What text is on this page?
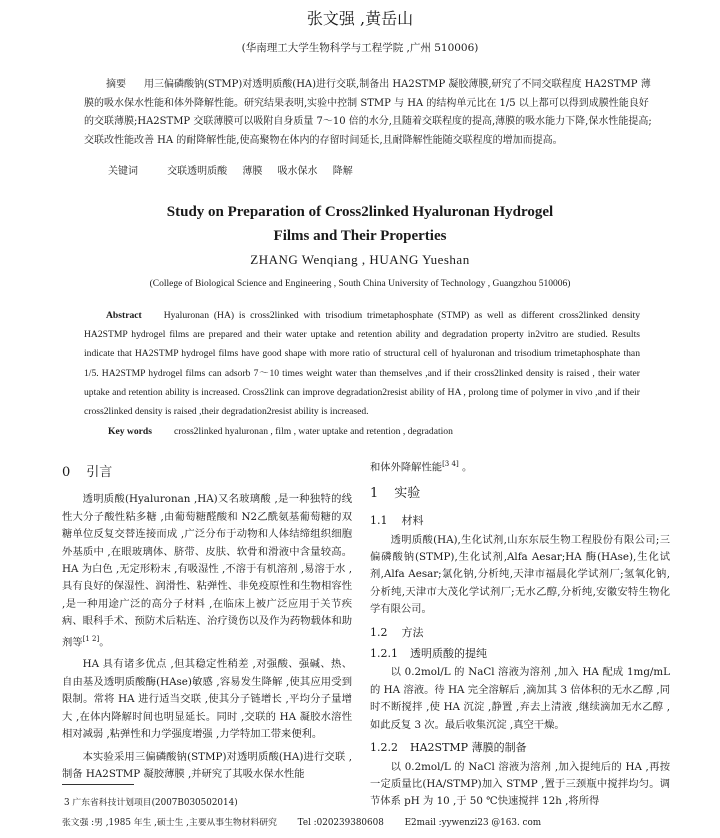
张文强 ,黄岳山
(华南理工大学生物科学与工程学院 ,广州 510006)
摘要 用三偏磷酸钠(STMP)对透明质酸(HA)进行交联,制备出 HA2STMP 凝胶薄膜,研究了不同交联程度 HA2STMP 薄膜的吸水保水性能和体外降解性能。研究结果表明,实验中控制 STMP 与 HA 的结构单元比在 1/5 以上都可以得到成膜性能良好的交联薄膜;HA2STMP 交联薄膜可以吸附自身质量 7～10 倍的水分,且随着交联程度的提高,薄膜的吸水能力下降,保水性能提高;交联改性能改善 HA 的耐降解性能,使高聚物在体内的存留时间延长,且耐降解性能随交联程度的增加而提高。
关键词	交联透明质酸 薄膜 吸水保水 降解
Study on Preparation of Cross2linked Hyaluronan Hydrogel
Films and Their Properties
ZHANG Wenqiang , HUANG Yueshan
(College of Biological Science and Engineering , South China University of Technology , Guangzhou 510006)
Abstract Hyaluronan (HA) is cross2linked with trisodium trimetaphosphate (STMP) as well as different cross2linked density HA2STMP hydrogel films are prepared and their water uptake and retention ability and degradation property in2vitro are studied. Results indicate that HA2STMP hydrogel films have good shape with more ratio of structural cell of hyaluronan and trisodium trimetaphosphate than 1/5. HA2STMP hydrogel films can adsorb 7～10 times weight water than themselves ,and if their cross2linked density is raised , their water uptake and retention ability is increased. Cross2link can improve degradation2resist ability of HA , prolong time of polymer in vivo ,and if their cross2linked density is raised ,their degradation2resist ability is increased.
Key words cross2linked hyaluronan , film , water uptake and retention , degradation
0 引言

透明质酸(Hyaluronan ,HA)又名玻璃酸 ,是一种独特的线性大分子酸性粘多糖 ,由葡萄糖醛酸和 N2乙酰氨基葡萄糖的双糖单位反复交替连接而成 ,广泛分布于动物和人体结缔组织细胞外基质中 ,在眼玻璃体、脐带、皮肤、软骨和滑液中含量较高。HA 为白色 ,无定形粉末 ,有吸湿性 ,不溶于有机溶剂 ,易溶于水 ,具有良好的保湿性、润滑性、粘弹性、非免疫原性和生物相容性 ,是一种用途广泛的高分子材料 ,在临床上被广泛应用于关节疾病、眼科手术、预防术后粘连、治疗烫伤以及作为药物载体和助剂等[1 2]。

HA 具有诸多优点 ,但其稳定性稍差 ,对强酸、强碱、热、自由基及透明质酸酶(HAse)敏感 ,容易发生降解 ,使其应用受到限制。常将 HA 进行适当交联 ,使其分子链增长 ,平均分子量增大 ,在体内降解时间也明显延长。同时 ,交联的 HA 凝胶水溶性相对减弱 ,粘弹性和力学强度增强 ,力学特加工带来便利。

本实验采用三偏磷酸钠(STMP)对透明质酸(HA)进行交联 ,制备 HA2STMP 凝胶薄膜 ,并研究了其吸水保水性能

和体外降解性能[3 4] 。

1 实验
1.1 材料

透明质酸(HA),生化试剂,山东东辰生物工程股份有限公司;三偏磷酸钠(STMP),生化试剂,Alfa Aesar;HA 酶(HAse),生化试剂,Alfa Aesar;氯化钠,分析纯,天津市福晨化学试剂厂;氢氧化钠,分析纯,天津市大茂化学试剂厂;无水乙醇,分析纯,安徽安特生物化学有限公司。

1.2 方法
1.2.1 透明质酸的提纯

以 0.2mol/L 的 NaCl 溶液为溶剂 ,加入 HA 配成 1mg/mL 的 HA 溶液。待 HA 完全溶解后 ,滴加其 3 倍体积的无水乙醇 ,同时不断搅拌 ,使 HA 沉淀 ,静置 ,弃去上清液 ,继续滴加无水乙醇 ,如此反复 3 次。最后收集沉淀 ,真空干燥。

1.2.2 HA2STMP 薄膜的制备

以 0.2mol/L 的 NaCl 溶液为溶剂 ,加入提纯后的 HA ,再按一定质量比(HA/STMP)加入 STMP ,置于三颈瓶中搅拌均匀。调节体系 pH 为 10 ,于 50 ℃快速搅拌 12h ,将所得

3 广东省科技计划项目(2007B030502014)
张文强 :男 ,1985 年生 ,硕士生 ,主要从事生物材料研究 Tel :020239380608 E2mail :yywenzi23 @163. com
